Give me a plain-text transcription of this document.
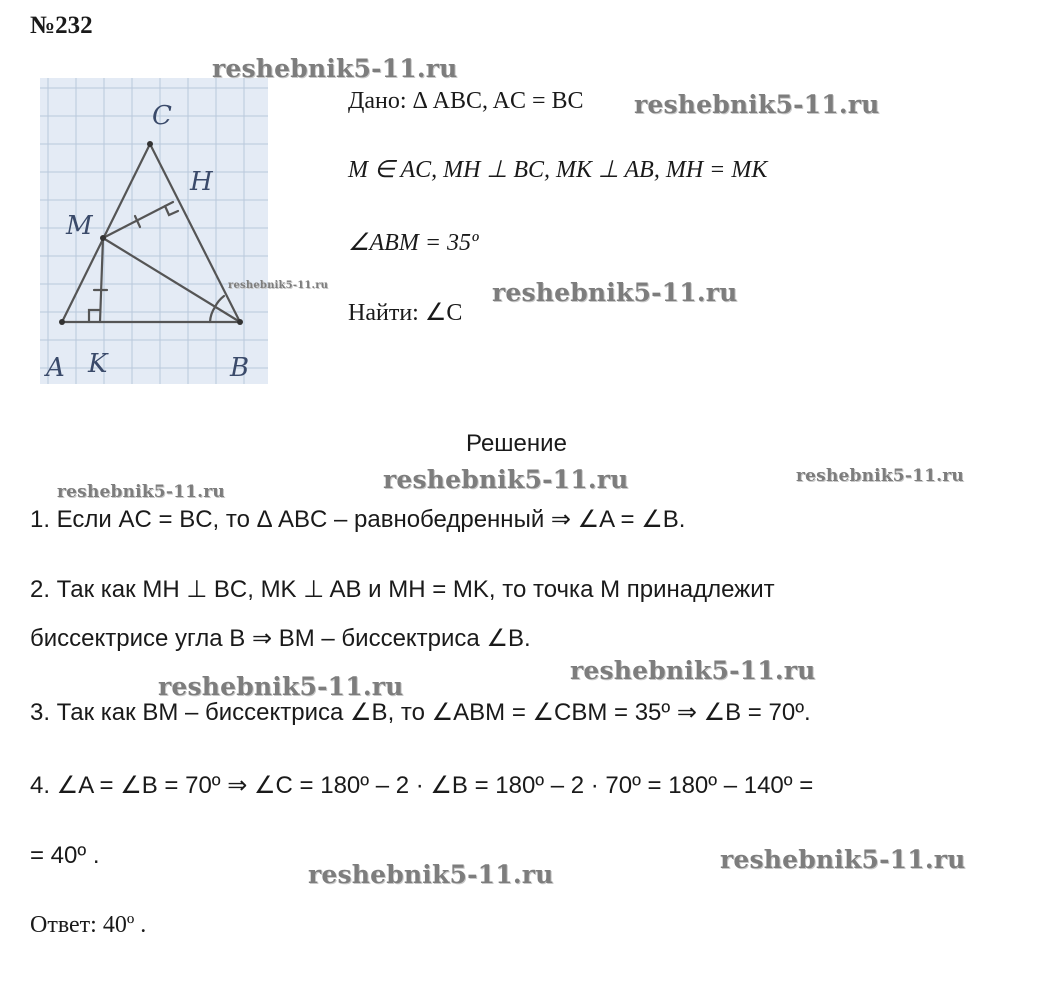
№232
C
H
M
A K	B
Дано: Δ ABC, AC = BC
M ∈ AC, MH ⊥ BC, MK ⊥ AB, MH = MK
∠ABM = 35º
Найти: ∠C
Решение
1. Если AC = BC, то Δ ABC – равнобедренный ⇒ ∠A = ∠B.
2. Так как MH ⊥ BC, MK ⊥ AB и MH = MK, то точка M принадлежит
биссектрисе угла B ⇒ BM – биссектриса ∠B.
3. Так как BM – биссектриса ∠B, то ∠ABM = ∠CBM = 35º ⇒ ∠B = 70º.
4. ∠A = ∠B = 70º ⇒ ∠C = 180º – 2 · ∠B = 180º – 2 · 70º = 180º – 140º =
= 40º .
Ответ: 40º .
reshebnik5-11.ru
reshebnik5-11.ru
reshebnik5-11.ru	reshebnik5-11.ru
reshebnik5-11.ru	reshebnik5-11.ru
reshebnik5-11.ru
reshebnik5-11.ru
reshebnik5-11.ru
reshebnik5-11.ru
reshebnik5-11.ru
